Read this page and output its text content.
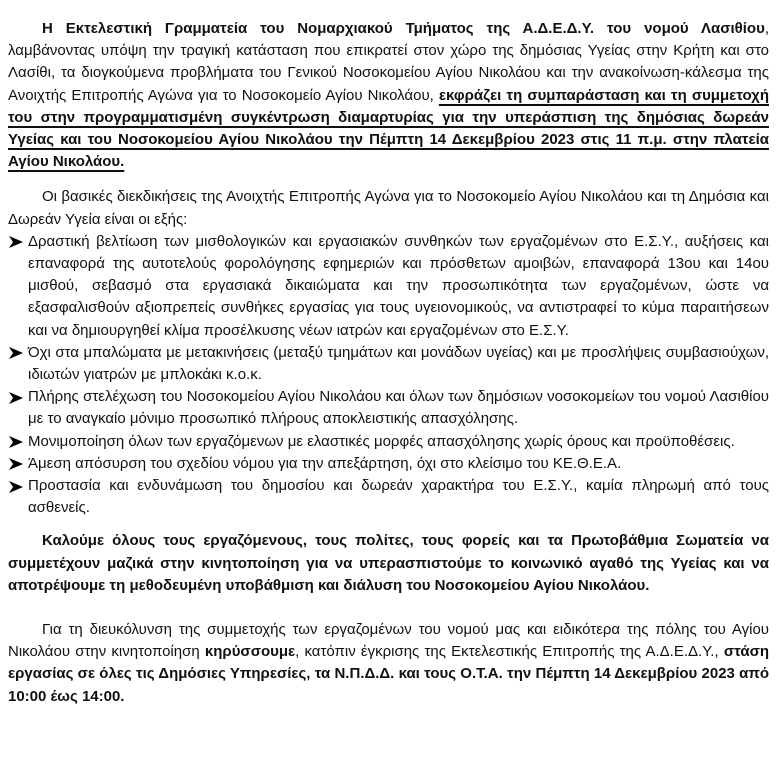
Η Εκτελεστική Γραμματεία του Νομαρχιακού Τμήματος της Α.Δ.Ε.Δ.Υ. του νομού Λασιθίου, λαμβάνοντας υπόψη την τραγική κατάσταση που επικρατεί στον χώρο της δημόσιας Υγείας στην Κρήτη και στο Λασίθι, τα διογκούμενα προβλήματα του Γενικού Νοσοκομείου Αγίου Νικολάου και την ανακοίνωση-κάλεσμα της Ανοιχτής Επιτροπής Αγώνα για το Νοσοκομείο Αγίου Νικολάου, εκφράζει τη συμπαράσταση και τη συμμετοχή του στην προγραμματισμένη συγκέντρωση διαμαρτυρίας για την υπεράσπιση της δημόσιας δωρεάν Υγείας και του Νοσοκομείου Αγίου Νικολάου την Πέμπτη 14 Δεκεμβρίου 2023 στις 11 π.μ. στην πλατεία Αγίου Νικολάου.

Οι βασικές διεκδικήσεις της Ανοιχτής Επιτροπής Αγώνα για το Νοσοκομείο Αγίου Νικολάου και τη Δημόσια και Δωρεάν Υγεία είναι οι εξής:

Δραστική βελτίωση των μισθολογικών και εργασιακών συνθηκών των εργαζομένων στο Ε.Σ.Υ., αυξήσεις και επαναφορά της αυτοτελούς φορολόγησης εφημεριών και πρόσθετων αμοιβών, επαναφορά 13ου και 14ου μισθού, σεβασμό στα εργασιακά δικαιώματα και την προσωπικότητα των εργαζομένων, ώστε να εξασφαλισθούν αξιοπρεπείς συνθήκες εργασίας για τους υγειονομικούς, να αντιστραφεί το κύμα παραιτήσεων και να δημιουργηθεί κλίμα προσέλκυσης νέων ιατρών και εργαζομένων στο Ε.Σ.Υ.
Όχι στα μπαλώματα με μετακινήσεις (μεταξύ τμημάτων και μονάδων υγείας) και με προσλήψεις συμβασιούχων, ιδιωτών γιατρών με μπλοκάκι κ.ο.κ.
Πλήρης στελέχωση του Νοσοκομείου Αγίου Νικολάου και όλων των δημόσιων νοσοκομείων του νομού Λασιθίου με το αναγκαίο μόνιμο προσωπικό πλήρους αποκλειστικής απασχόλησης.
Μονιμοποίηση όλων των εργαζόμενων με ελαστικές μορφές απασχόλησης χωρίς όρους και προϋποθέσεις.
Άμεση απόσυρση του σχεδίου νόμου για την απεξάρτηση, όχι στο κλείσιμο του ΚΕ.Θ.Ε.Α.
Προστασία και ενδυνάμωση του δημοσίου και δωρεάν χαρακτήρα του Ε.Σ.Υ., καμία πληρωμή από τους ασθενείς.

Καλούμε όλους τους εργαζόμενους, τους πολίτες, τους φορείς και τα Πρωτοβάθμια Σωματεία να συμμετέχουν μαζικά στην κινητοποίηση για να υπερασπιστούμε το κοινωνικό αγαθό της Υγείας και να αποτρέψουμε τη μεθοδευμένη υποβάθμιση και διάλυση του Νοσοκομείου Αγίου Νικολάου.

Για τη διευκόλυνση της συμμετοχής των εργαζομένων του νομού μας και ειδικότερα της πόλης του Αγίου Νικολάου στην κινητοποίηση κηρύσσουμε, κατόπιν έγκρισης της Εκτελεστικής Επιτροπής της Α.Δ.Ε.Δ.Υ., στάση εργασίας σε όλες τις Δημόσιες Υπηρεσίες, τα Ν.Π.Δ.Δ. και τους Ο.Τ.Α. την Πέμπτη 14 Δεκεμβρίου 2023 από 10:00 έως 14:00.
